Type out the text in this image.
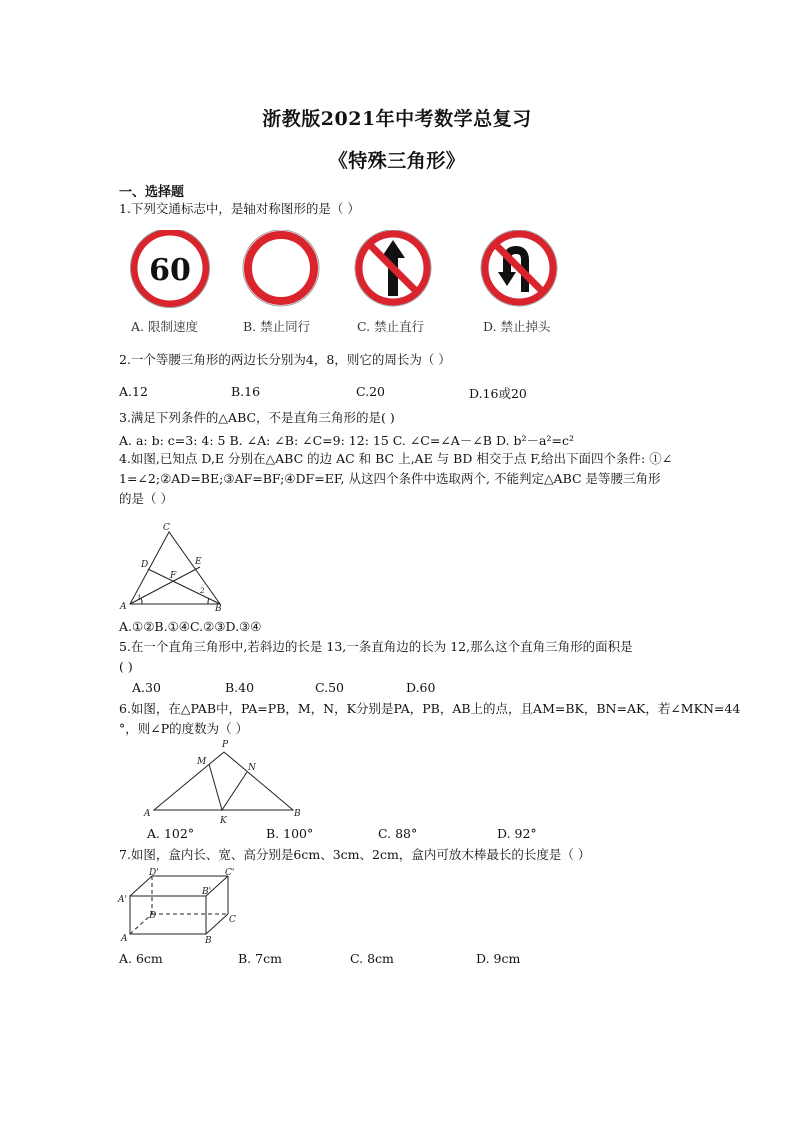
浙教版2021年中考数学总复习
《特殊三角形》
一、选择题
1.下列交通标志中，是轴对称图形的是（ ）
60
A. 限制速度	B. 禁止同行	C. 禁止直行	D. 禁止掉头
2.一个等腰三角形的两边长分别为4，8，则它的周长为（ ）
A.12	B.16	C.20	D.16或20
3.满足下列条件的△ABC，不是直角三角形的是( )
A. a: b: c=3: 4: 5 B. ∠A: ∠B: ∠C=9: 12: 15 C. ∠C=∠A－∠B D. b²－a²=c²
4.如图,已知点 D,E 分别在△ABC 的边 AC 和 BC 上,AE 与 BD 相交于点 F,给出下面四个条件: ①∠
1=∠2;②AD=BE;③AF=BF;④DF=EF, 从这四个条件中选取两个, 不能判定△ABC 是等腰三角形
的是（ ）
C
D	E
F
A	B
1
2
A.①②B.①④C.②③D.③④
5.在一个直角三角形中,若斜边的长是 13,一条直角边的长为 12,那么这个直角三角形的面积是
( )
A.30	B.40	C.50	D.60
6.如图，在△PAB中，PA=PB，M，N，K分别是PA，PB，AB上的点，且AM=BK，BN=AK，若∠MKN=44
°，则∠P的度数为（ ）
P
M
N
A
K
B
A. 102°	B. 100°	C. 88°	D. 92°
7.如图，盒内长、宽、高分别是6cm、3cm、2cm，盒内可放木棒最长的长度是（ ）
D'	C'
A'
B'
D	C
A	B
A. 6cm	B. 7cm	C. 8cm	D. 9cm
